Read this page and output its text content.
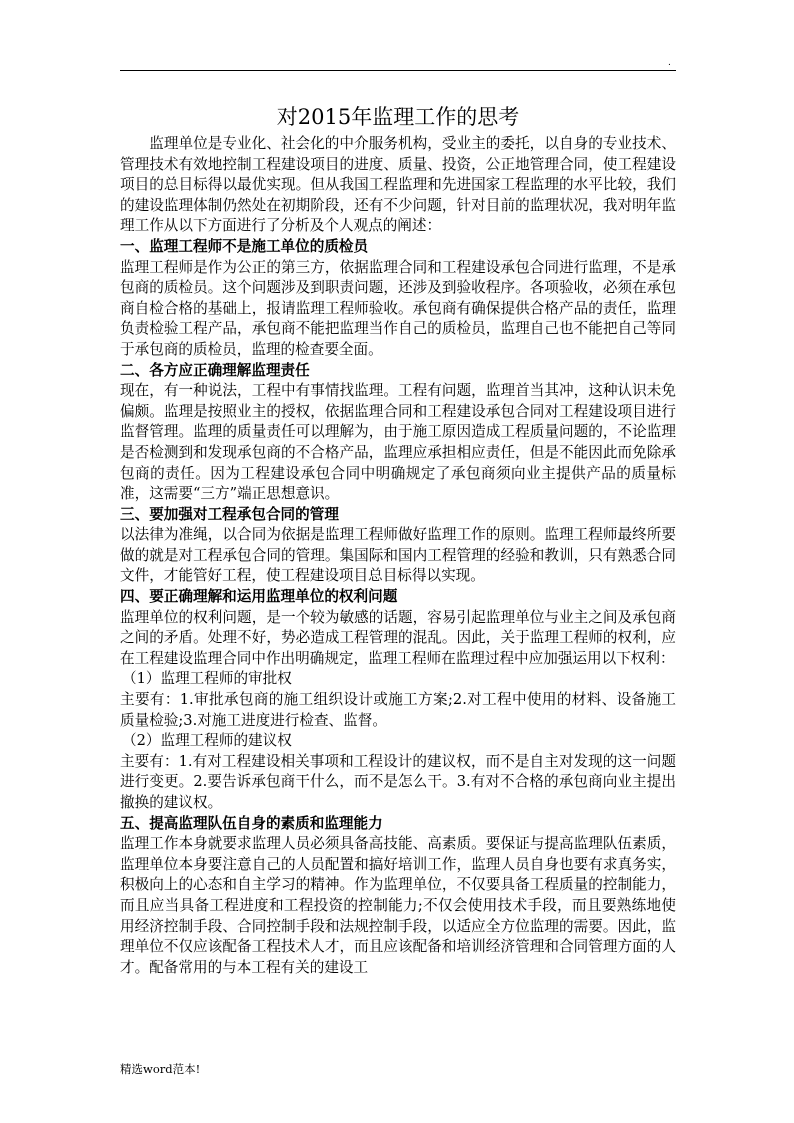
.
对2015年监理工作的思考

监理单位是专业化、社会化的中介服务机构，受业主的委托，以自身的专业技术、管理技术有效地控制工程建设项目的进度、质量、投资，公正地管理合同，使工程建设项目的总目标得以最优实现。但从我国工程监理和先进国家工程监理的水平比较，我们的建设监理体制仍然处在初期阶段，还有不少问题，针对目前的监理状况，我对明年监理工作从以下方面进行了分析及个人观点的阐述：

一、监理工程师不是施工单位的质检员

监理工程师是作为公正的第三方，依据监理合同和工程建设承包合同进行监理，不是承包商的质检员。这个问题涉及到职责问题，还涉及到验收程序。各项验收，必须在承包商自检合格的基础上，报请监理工程师验收。承包商有确保提供合格产品的责任，监理负责检验工程产品，承包商不能把监理当作自己的质检员，监理自己也不能把自己等同于承包商的质检员，监理的检查要全面。

二、各方应正确理解监理责任

现在，有一种说法，工程中有事情找监理。工程有问题，监理首当其冲，这种认识未免偏颇。监理是按照业主的授权，依据监理合同和工程建设承包合同对工程建设项目进行监督管理。监理的质量责任可以理解为，由于施工原因造成工程质量问题的，不论监理是否检测到和发现承包商的不合格产品，监理应承担相应责任，但是不能因此而免除承包商的责任。因为工程建设承包合同中明确规定了承包商须向业主提供产品的质量标准，这需要“三方”端正思想意识。

三、要加强对工程承包合同的管理

以法律为准绳，以合同为依据是监理工程师做好监理工作的原则。监理工程师最终所要做的就是对工程承包合同的管理。集国际和国内工程管理的经验和教训，只有熟悉合同文件，才能管好工程，使工程建设项目总目标得以实现。

四、要正确理解和运用监理单位的权利问题

监理单位的权利问题，是一个较为敏感的话题，容易引起监理单位与业主之间及承包商之间的矛盾。处理不好，势必造成工程管理的混乱。因此，关于监理工程师的权利，应在工程建设监理合同中作出明确规定，监理工程师在监理过程中应加强运用以下权利：

（1）监理工程师的审批权

主要有：1.审批承包商的施工组织设计或施工方案;2.对工程中使用的材料、设备施工质量检验;3.对施工进度进行检查、监督。

（2）监理工程师的建议权

主要有：1.有对工程建设相关事项和工程设计的建议权，而不是自主对发现的这一问题进行变更。2.要告诉承包商干什么，而不是怎么干。3.有对不合格的承包商向业主提出撤换的建议权。

五、提高监理队伍自身的素质和监理能力

监理工作本身就要求监理人员必须具备高技能、高素质。要保证与提高监理队伍素质，监理单位本身要注意自己的人员配置和搞好培训工作，监理人员自身也要有求真务实，积极向上的心态和自主学习的精神。作为监理单位，不仅要具备工程质量的控制能力，而且应当具备工程进度和工程投资的控制能力;不仅会使用技术手段，而且要熟练地使用经济控制手段、合同控制手段和法规控制手段，以适应全方位监理的需要。因此，监理单位不仅应该配备工程技术人才，而且应该配备和培训经济管理和合同管理方面的人才。配备常用的与本工程有关的建设工

精选word范本!
